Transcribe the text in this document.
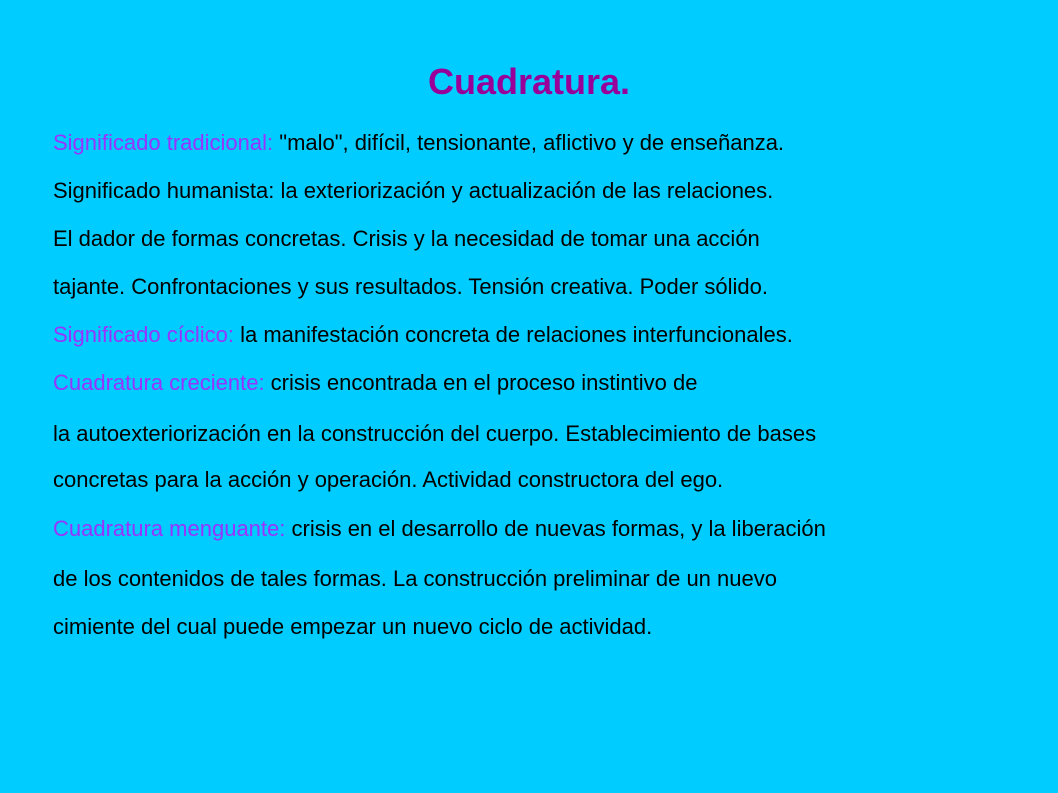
Cuadratura.
Significado tradicional: "malo", difícil, tensionante, aflictivo y de enseñanza.
Significado humanista: la exteriorización y actualización de las relaciones.
El dador de formas concretas. Crisis y la necesidad de tomar una acción
tajante. Confrontaciones y sus resultados. Tensión creativa. Poder sólido.
Significado cíclico: la manifestación concreta de relaciones interfuncionales.
Cuadratura creciente: crisis encontrada en el proceso instintivo de
la autoexteriorización en la construcción del cuerpo. Establecimiento de bases
concretas para la acción y operación. Actividad constructora del ego.
Cuadratura menguante: crisis en el desarrollo de nuevas formas, y la liberación
de los contenidos de tales formas. La construcción preliminar de un nuevo
cimiente del cual puede empezar un nuevo ciclo de actividad.
